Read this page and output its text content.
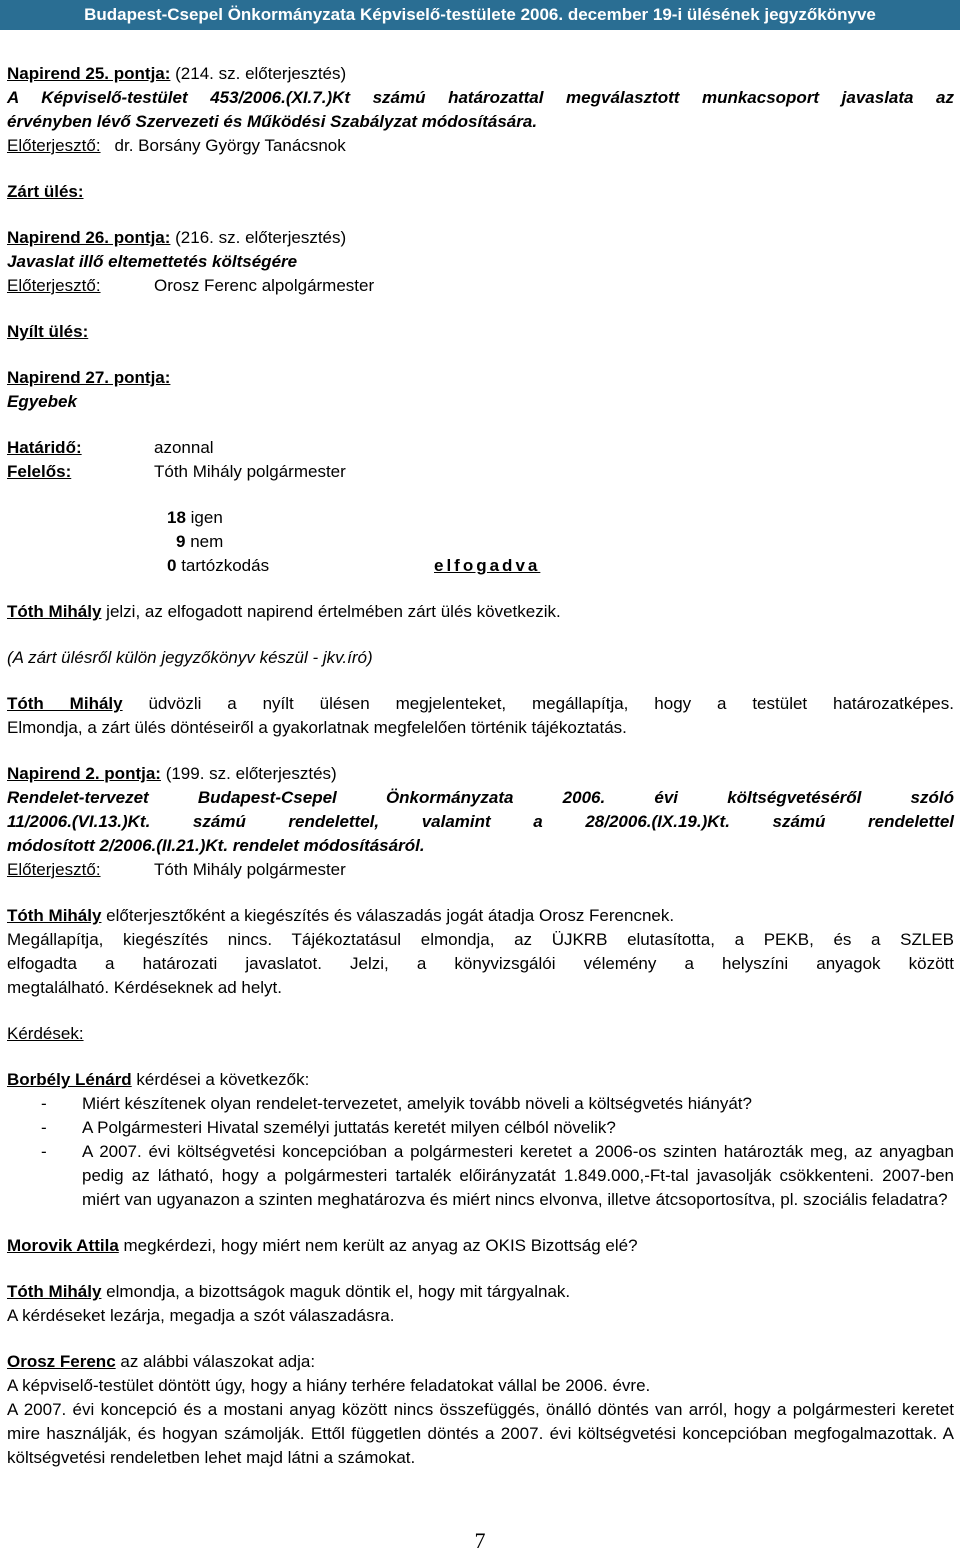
Budapest-Csepel Önkormányzata Képviselő-testülete 2006. december 19-i ülésének jegyzőkönyve
Napirend 25. pontja: (214. sz. előterjesztés)
A Képviselő-testület 453/2006.(XI.7.)Kt számú határozattal megválasztott munkacsoport javaslata az
érvényben lévő Szervezeti és Működési Szabályzat módosítására.
Előterjesztő: dr. Borsány György Tanácsnok
Zárt ülés:
Napirend 26. pontja: (216. sz. előterjesztés)
Javaslat illő eltemettetés költségére
Előterjesztő:	Orosz Ferenc alpolgármester
Nyílt ülés:
Napirend 27. pontja:
Egyebek
Határidő:	azonnal
Felelős:	Tóth Mihály polgármester
18 igen
9 nem
0 tartózkodás	elfogadva
Tóth Mihály jelzi, az elfogadott napirend értelmében zárt ülés következik.
(A zárt ülésről külön jegyzőkönyv készül - jkv.író)
Tóth Mihály üdvözli a nyílt ülésen megjelenteket, megállapítja, hogy a testület határozatképes.
Elmondja, a zárt ülés döntéseiről a gyakorlatnak megfelelően történik tájékoztatás.
Napirend 2. pontja: (199. sz. előterjesztés)
Rendelet-tervezet Budapest-Csepel Önkormányzata 2006. évi költségvetéséről szóló
11/2006.(VI.13.)Kt. számú rendelettel, valamint a 28/2006.(IX.19.)Kt. számú rendelettel
módosított 2/2006.(II.21.)Kt. rendelet módosításáról.
Előterjesztő:	Tóth Mihály polgármester
Tóth Mihály előterjesztőként a kiegészítés és válaszadás jogát átadja Orosz Ferencnek.
Megállapítja, kiegészítés nincs. Tájékoztatásul elmondja, az ÜJKRB elutasította, a PEKB, és a SZLEB
elfogadta a határozati javaslatot. Jelzi, a könyvizsgálói vélemény a helyszíni anyagok között
megtalálható. Kérdéseknek ad helyt.
Kérdések:
Borbély Lénárd kérdései a következők:
-	Miért készítenek olyan rendelet-tervezetet, amelyik tovább növeli a költségvetés hiányát?
-	A Polgármesteri Hivatal személyi juttatás keretét milyen célból növelik?
-	A 2007. évi költségvetési koncepcióban a polgármesteri keretet a 2006-os szinten határozták meg, az anyagban pedig az látható, hogy a polgármesteri tartalék előirányzatát 1.849.000,-Ft-tal javasolják csökkenteni. 2007-ben miért van ugyanazon a szinten meghatározva és miért nincs elvonva, illetve átcsoportosítva, pl. szociális feladatra?
Morovik Attila megkérdezi, hogy miért nem került az anyag az OKIS Bizottság elé?
Tóth Mihály elmondja, a bizottságok maguk döntik el, hogy mit tárgyalnak.
A kérdéseket lezárja, megadja a szót válaszadásra.
Orosz Ferenc az alábbi válaszokat adja:
A képviselő-testület döntött úgy, hogy a hiány terhére feladatokat vállal be 2006. évre.
A 2007. évi koncepció és a mostani anyag között nincs összefüggés, önálló döntés van arról, hogy a polgármesteri keretet mire használják, és hogyan számolják. Ettől független döntés a 2007. évi költségvetési koncepcióban megfogalmazottak. A költségvetési rendeletben lehet majd látni a számokat.
7
